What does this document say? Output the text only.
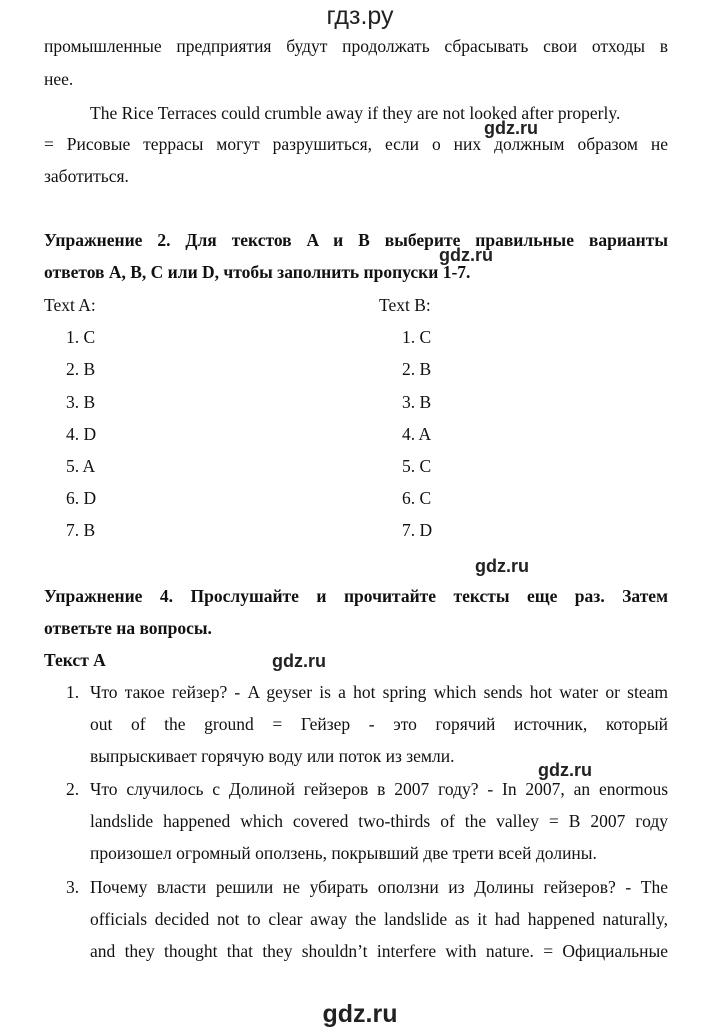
гдз.ру
промышленные предприятия будут продолжать сбрасывать свои отходы в
нее.
The Rice Terraces could crumble away if they are not looked after properly.
gdz.ru
= Рисовые террасы могут разрушиться, если о них должным образом не
заботиться.
Упражнение 2. Для текстов A и B выберите правильные варианты
gdz.ru
ответов A, B, C или D, чтобы заполнить пропуски 1-7.
Text A:	Text B:
1. C
2. B
3. B
4. D
5. A
6. D
7. B
1. C
2. B
3. B
4. A
5. C
6. C
7. D
gdz.ru
Упражнение 4. Прослушайте и прочитайте тексты еще раз. Затем
ответьте на вопросы.
Текст А	gdz.ru
1. Что такое гейзер? - A geyser is a hot spring which sends hot water or steam
out of the ground = Гейзер - это горячий источник, который
выпрыскивает горячую воду или поток из земли.
gdz.ru
2. Что случилось с Долиной гейзеров в 2007 году? - In 2007, an enormous
landslide happened which covered two-thirds of the valley = В 2007 году
произошел огромный оползень, покрывший две трети всей долины.
3. Почему власти решили не убирать оползни из Долины гейзеров? - The
officials decided not to clear away the landslide as it had happened naturally,
and they thought that they shouldn’t interfere with nature. = Официальные
gdz.ru
